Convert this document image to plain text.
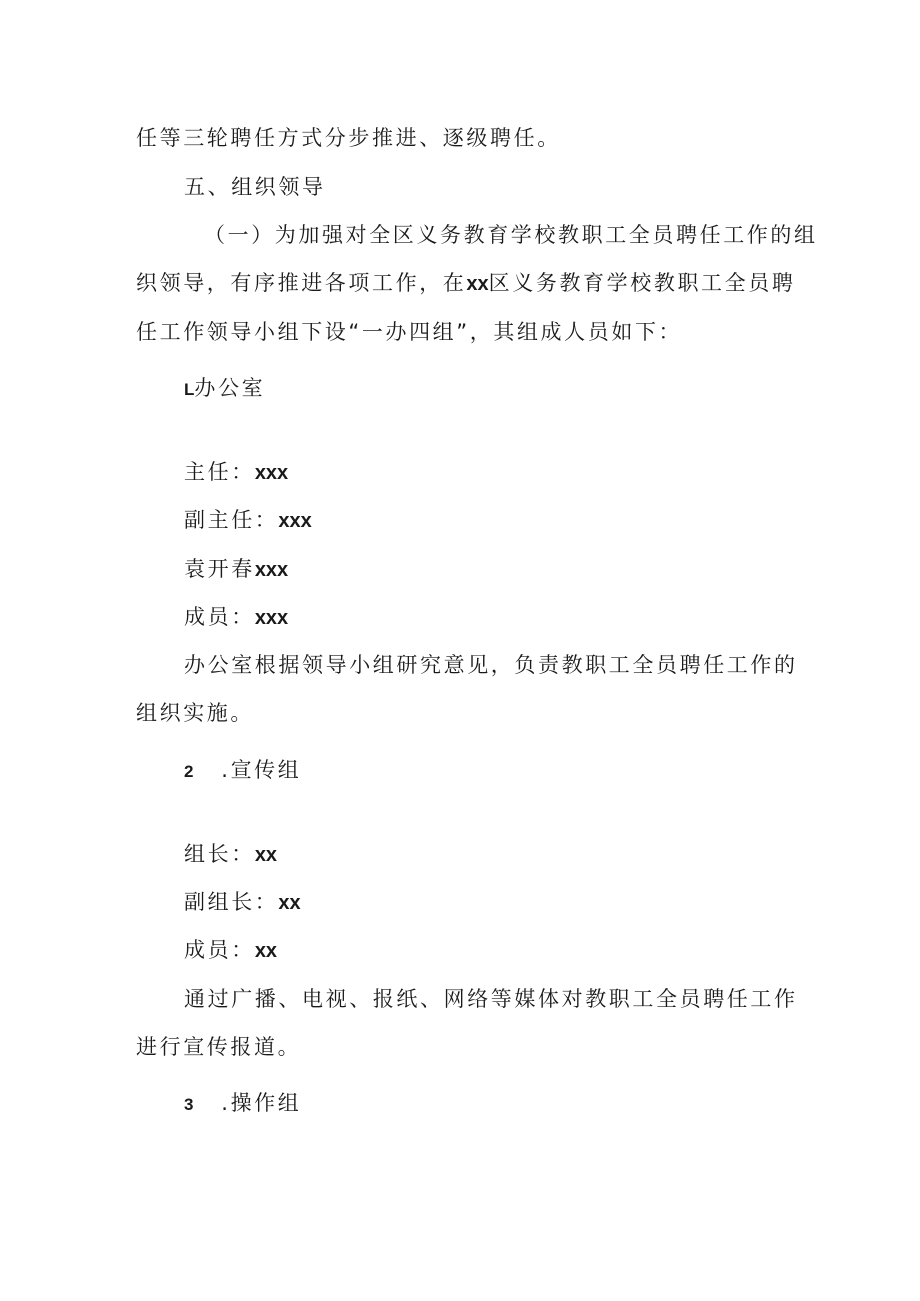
任等三轮聘任方式分步推进、逐级聘任。
五、组织领导
（一）为加强对全区义务教育学校教职工全员聘任工作的组
织领导，有序推进各项工作，在xx区义务教育学校教职工全员聘
任工作领导小组下设“一办四组”，其组成人员如下：
L办公室
主任：xxx
副主任：xxx
袁开春xxx
成员：xxx
办公室根据领导小组研究意见，负责教职工全员聘任工作的
组织实施。
2 .宣传组
组长：xx
副组长：xx
成员：xx
通过广播、电视、报纸、网络等媒体对教职工全员聘任工作
进行宣传报道。
3 .操作组
